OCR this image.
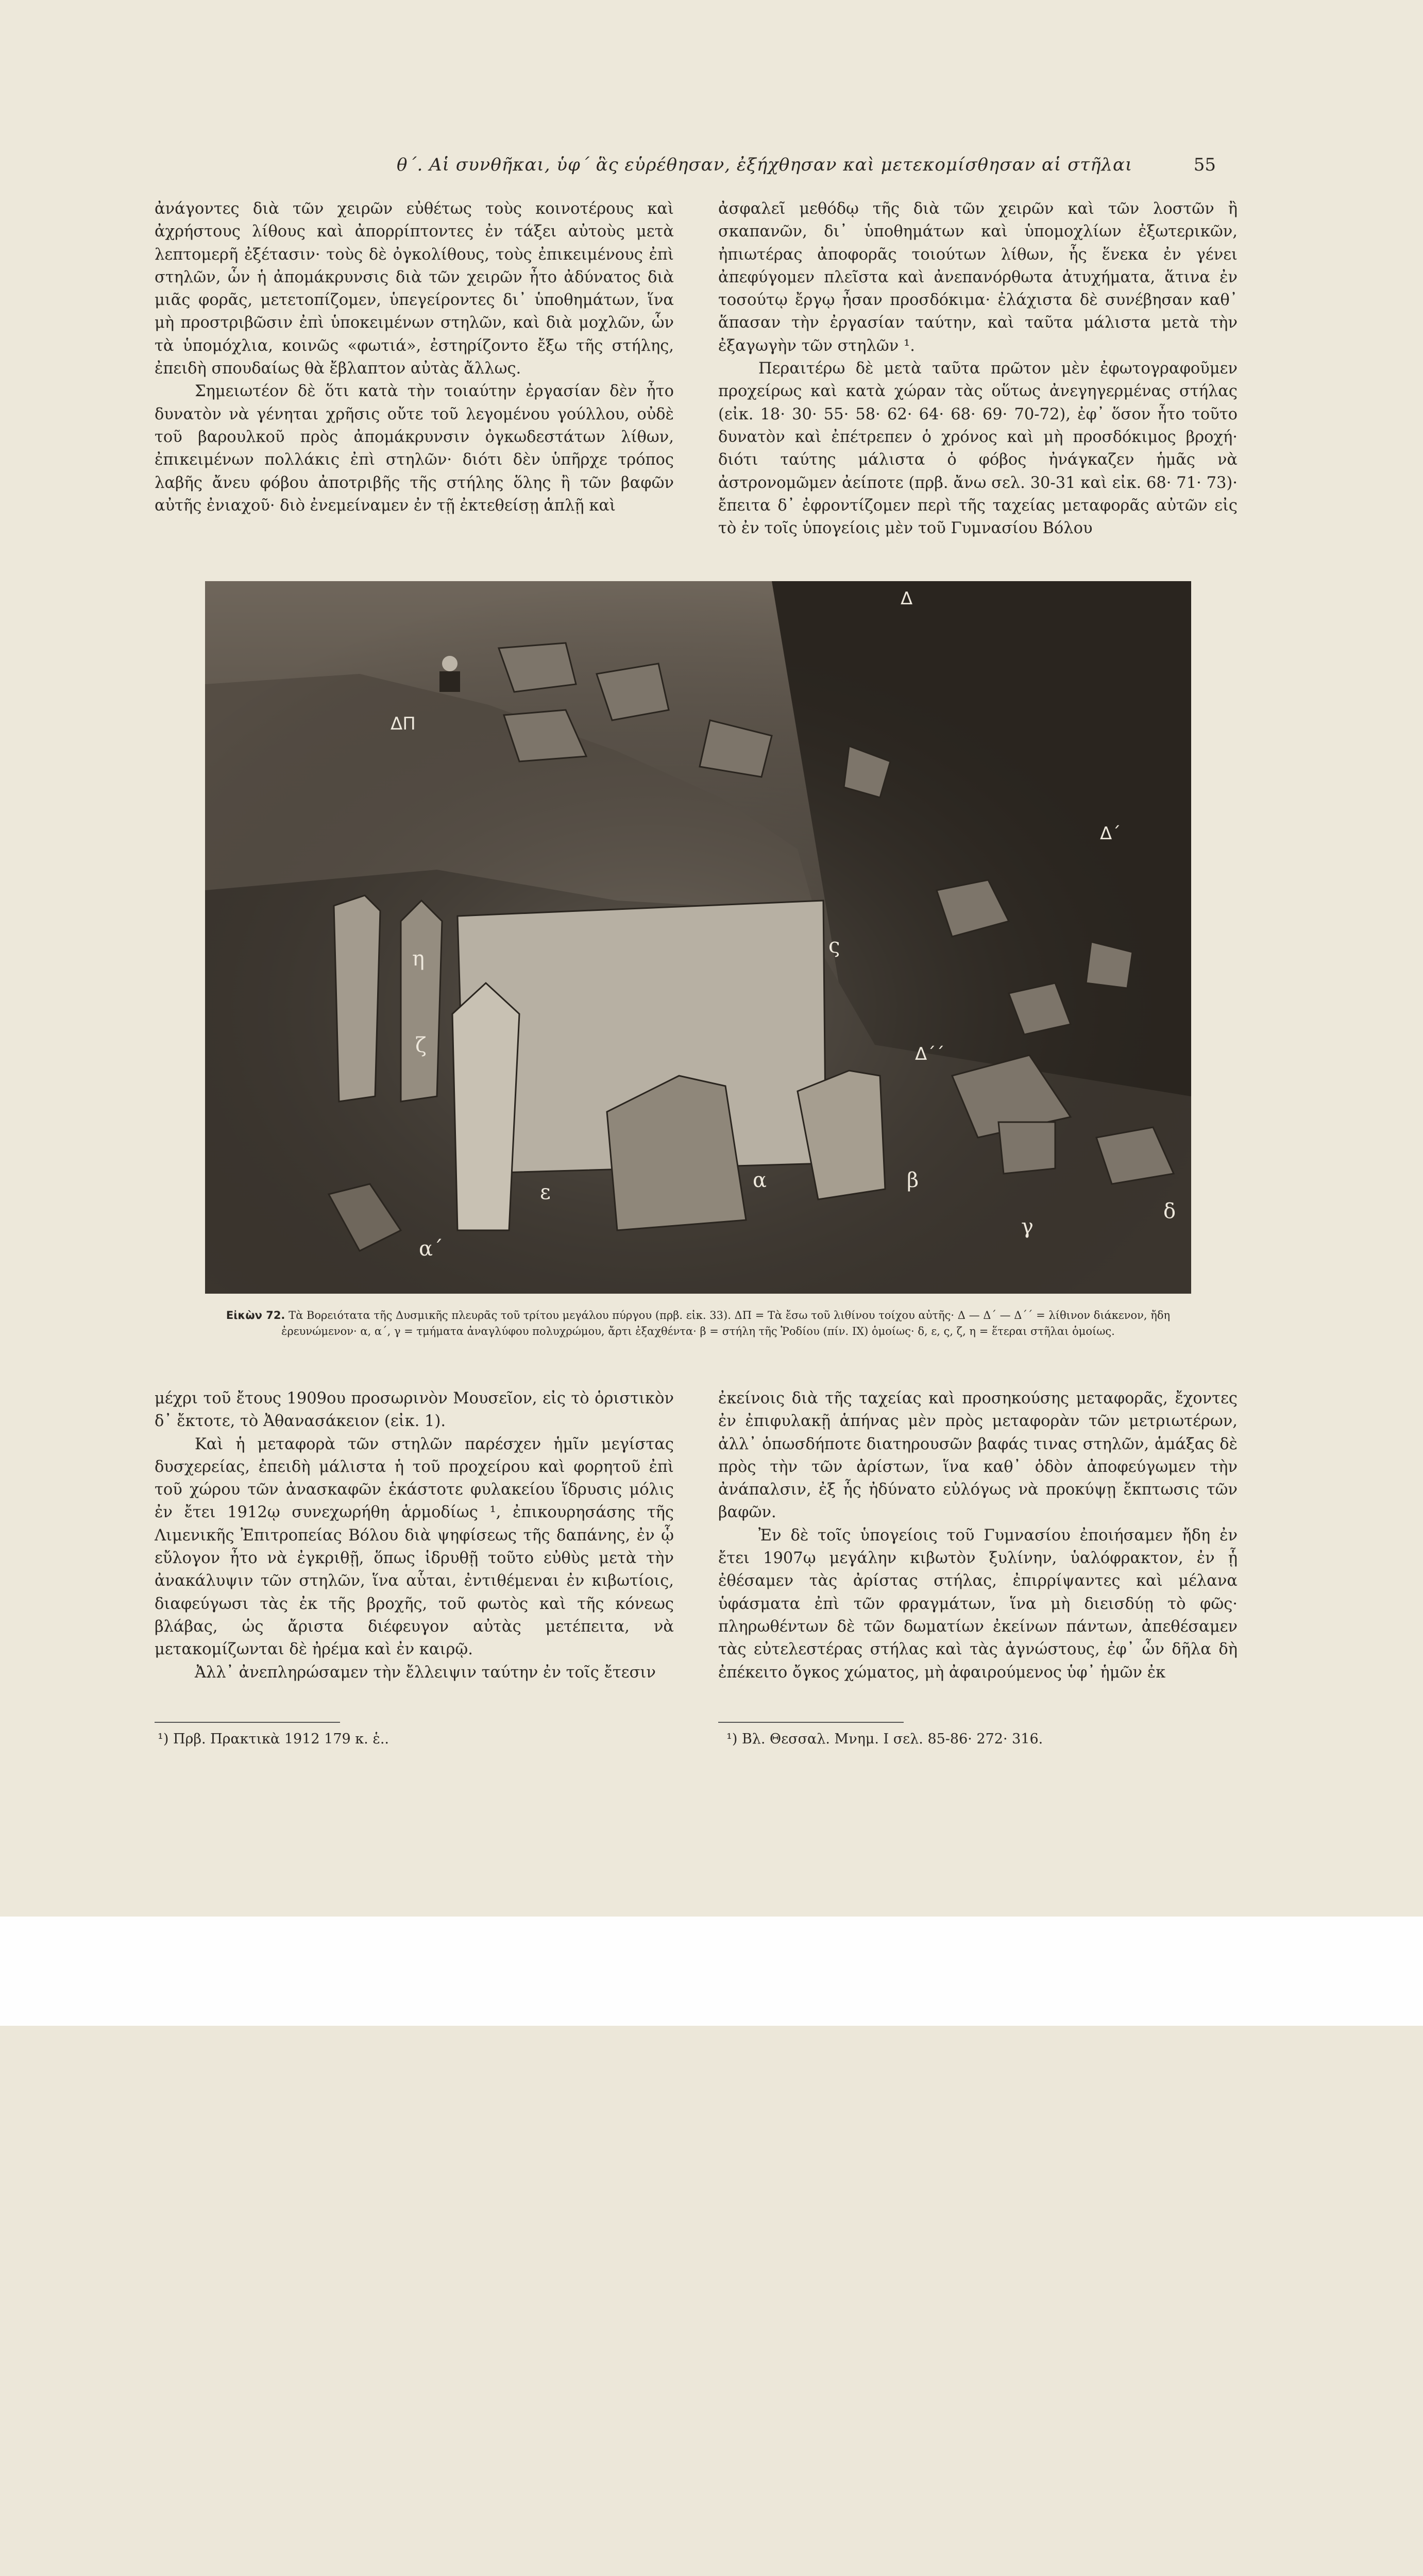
θ΄. Αἱ συνθῆκαι, ὑφ΄ ἃς εὑρέθησαν, ἐξήχθησαν καὶ μετεκομίσθησαν αἱ στῆλαι	55

ἀνάγοντες διὰ τῶν χειρῶν εὐθέτως τοὺς κοινοτέρους καὶ ἀχρήστους λίθους καὶ ἀπορρίπτοντες ἐν τάξει αὐτοὺς μετὰ λεπτομερῆ ἐξέτασιν· τοὺς δὲ ὀγκολίθους, τοὺς ἐπικειμένους ἐπὶ στηλῶν, ὧν ἡ ἀπομάκρυνσις διὰ τῶν χειρῶν ἦτο ἀδύνατος διὰ μιᾶς φορᾶς, μετετοπίζομεν, ὑπεγείροντες δι᾿ ὑποθημάτων, ἵνα μὴ προστριβῶσιν ἐπὶ ὑποκειμένων στηλῶν, καὶ διὰ μοχλῶν, ὧν τὰ ὑπομόχλια, κοινῶς «φωτιά», ἐστηρίζοντο ἔξω τῆς στήλης, ἐπειδὴ σπουδαίως θὰ ἔβλαπτον αὐτὰς ἄλλως.

Σημειωτέον δὲ ὅτι κατὰ τὴν τοιαύτην ἐργασίαν δὲν ἦτο δυνατὸν νὰ γένηται χρῆσις οὔτε τοῦ λεγομένου γούλλου, οὐδὲ τοῦ βαρουλκοῦ πρὸς ἀπομάκρυνσιν ὀγκωδεστάτων λίθων, ἐπικειμένων πολλάκις ἐπὶ στηλῶν· διότι δὲν ὑπῆρχε τρόπος λαβῆς ἄνευ φόβου ἀποτριβῆς τῆς στήλης ὅλης ἢ τῶν βαφῶν αὐτῆς ἐνιαχοῦ· διὸ ἐνεμείναμεν ἐν τῇ ἐκτεθείσῃ ἁπλῇ καὶ

ἀσφαλεῖ μεθόδῳ τῆς διὰ τῶν χειρῶν καὶ τῶν λοστῶν ἢ σκαπανῶν, δι᾿ ὑποθημάτων καὶ ὑπομοχλίων ἐξωτερικῶν, ἠπιωτέρας ἀποφορᾶς τοιούτων λίθων, ἧς ἕνεκα ἐν γένει ἀπεφύγομεν πλεῖστα καὶ ἀνεπανόρθωτα ἀτυχήματα, ἅτινα ἐν τοσούτῳ ἔργῳ ἦσαν προσδόκιμα· ἐλάχιστα δὲ συνέβησαν καθ᾿ ἅπασαν τὴν ἐργασίαν ταύτην, καὶ ταῦτα μάλιστα μετὰ τὴν ἐξαγωγὴν τῶν στηλῶν ¹.

Περαιτέρω δὲ μετὰ ταῦτα πρῶτον μὲν ἐφωτογραφοῦμεν προχείρως καὶ κατὰ χώραν τὰς οὕτως ἀνεγηγερμένας στήλας (εἰκ. 18· 30· 55· 58· 62· 64· 68· 69· 70-72), ἐφ᾿ ὅσον ἦτο τοῦτο δυνατὸν καὶ ἐπέτρεπεν ὁ χρόνος καὶ μὴ προσδόκιμος βροχή· διότι ταύτης μάλιστα ὁ φόβος ἠνάγκαζεν ἡμᾶς νὰ ἀστρονομῶμεν ἀείποτε (πρβ. ἄνω σελ. 30-31 καὶ εἰκ. 68· 71· 73)· ἔπειτα δ᾿ ἐφροντίζομεν περὶ τῆς ταχείας μεταφορᾶς αὐτῶν εἰς τὸ ἐν τοῖς ὑπογείοις μὲν τοῦ Γυμνασίου Βόλου

Δ
ΔΠ
Δ΄
Δ΄΄
η
ζ
ς
ε	α	β
γ
δ
α΄
Εἰκὼν 72. Τὰ Βορειότατα τῆς Δυσμικῆς πλευρᾶς τοῦ τρίτου μεγάλου πύργου (πρβ. εἰκ. 33). ΔΠ = Τὰ ἔσω τοῦ λιθίνου τοίχου αὐτῆς· Δ — Δ΄ — Δ΄΄ = λίθινον διάκενον, ἤδη ἐρευνώμενον· α, α΄, γ = τμήματα ἀναγλύφου πολυχρώμου, ἄρτι ἐξαχθέντα· β = στήλη τῆς Ῥοδίου (πίν. IX) ὁμοίως· δ, ε, ς, ζ, η = ἕτεραι στῆλαι ὁμοίως.

μέχρι τοῦ ἔτους 1909ου προσωρινὸν Μουσεῖον, εἰς τὸ ὁριστικὸν δ᾿ ἔκτοτε, τὸ Ἀθανασάκειον (εἰκ. 1).

Καὶ ἡ μεταφορὰ τῶν στηλῶν παρέσχεν ἡμῖν μεγίστας δυσχερείας, ἐπειδὴ μάλιστα ἡ τοῦ προχείρου καὶ φορητοῦ ἐπὶ τοῦ χώρου τῶν ἀνασκαφῶν ἑκάστοτε φυλακείου ἵδρυσις μόλις ἐν ἔτει 1912ῳ συνεχωρήθη ἁρμοδίως ¹, ἐπικουρησάσης τῆς Λιμενικῆς Ἐπιτροπείας Βόλου διὰ ψηφίσεως τῆς δαπάνης, ἐν ᾧ εὔλογον ἦτο νὰ ἐγκριθῇ, ὅπως ἱδρυθῇ τοῦτο εὐθὺς μετὰ τὴν ἀνακάλυψιν τῶν στηλῶν, ἵνα αὗται, ἐντιθέμεναι ἐν κιβωτίοις, διαφεύγωσι τὰς ἐκ τῆς βροχῆς, τοῦ φωτὸς καὶ τῆς κόνεως βλάβας, ὡς ἄριστα διέφευγον αὐτὰς μετέπειτα, νὰ μετακομίζωνται δὲ ἠρέμα καὶ ἐν καιρῷ.

Ἀλλ᾿ ἀνεπληρώσαμεν τὴν ἔλλειψιν ταύτην ἐν τοῖς ἔτεσιν

ἐκείνοις διὰ τῆς ταχείας καὶ προσηκούσης μεταφορᾶς, ἔχοντες ἐν ἐπιφυλακῇ ἁπήνας μὲν πρὸς μεταφορὰν τῶν μετριωτέρων, ἀλλ᾿ ὁπωσδήποτε διατηρουσῶν βαφάς τινας στηλῶν, ἁμάξας δὲ πρὸς τὴν τῶν ἀρίστων, ἵνα καθ᾿ ὁδὸν ἀποφεύγωμεν τὴν ἀνάπαλσιν, ἐξ ἧς ἠδύνατο εὐλόγως νὰ προκύψῃ ἔκπτωσις τῶν βαφῶν.

Ἐν δὲ τοῖς ὑπογείοις τοῦ Γυμνασίου ἐποιήσαμεν ἤδη ἐν ἔτει 1907ῳ μεγάλην κιβωτὸν ξυλίνην, ὑαλόφρακτον, ἐν ᾗ ἐθέσαμεν τὰς ἀρίστας στήλας, ἐπιρρίψαντες καὶ μέλανα ὑφάσματα ἐπὶ τῶν φραγμάτων, ἵνα μὴ διεισδύῃ τὸ φῶς· πληρωθέντων δὲ τῶν δωματίων ἐκείνων πάντων, ἀπεθέσαμεν τὰς εὐτελεστέρας στήλας καὶ τὰς ἀγνώστους, ἐφ᾿ ὧν δῆλα δὴ ἐπέκειτο ὄγκος χώματος, μὴ ἀφαιρούμενος ὑφ᾿ ἡμῶν ἐκ

¹) Πρβ. Πρακτικὰ 1912 179 κ. ἑ..	¹) Βλ. Θεσσαλ. Μνημ. I σελ. 85-86· 272· 316.
